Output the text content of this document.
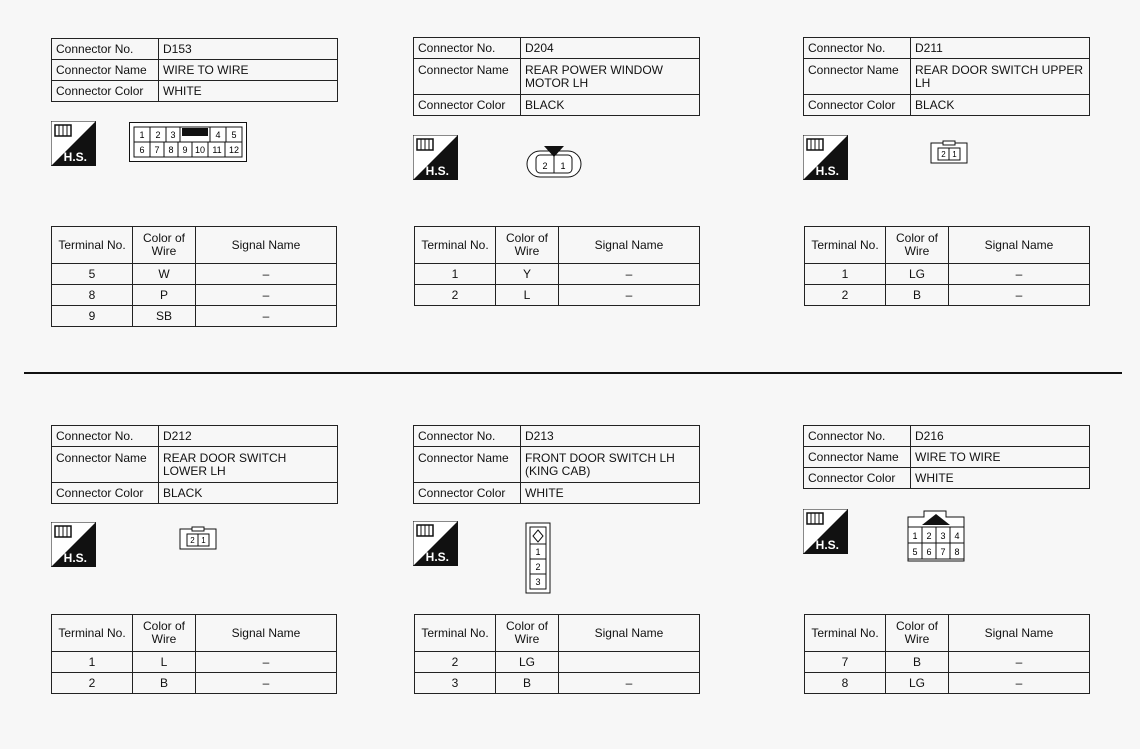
Connector No.	D153
Connector Name	WIRE TO WIRE
Connector Color	WHITE
H.S.
1 2 3	4 5
6 7 8 9 10 11 12
Terminal No.	Color of Wire	Signal Name
5	W	–
8	P	–
9	SB	–
Connector No.	D204
Connector Name	REAR POWER WINDOW MOTOR LH
Connector Color	BLACK
H.S.	2 1
Terminal No.	Color of Wire	Signal Name
1	Y	–
2	L	–
Connector No.	D211
Connector Name	REAR DOOR SWITCH UPPER LH
Connector Color	BLACK
H.S.
2 1
Terminal No.	Color of Wire	Signal Name
1	LG	–
2	B	–
Connector No.	D212
Connector Name	REAR DOOR SWITCH LOWER LH
Connector Color	BLACK
H.S.
2 1
Terminal No.	Color of Wire	Signal Name
1	L	–
2	B	–
Connector No.	D213
Connector Name	FRONT DOOR SWITCH LH (KING CAB)
Connector Color	WHITE
H.S.	1
2
3
Terminal No.	Color of Wire	Signal Name
2	LG	
3	B	–
Connector No.	D216
Connector Name	WIRE TO WIRE
Connector Color	WHITE
H.S.
1 2 3 4
5 6 7 8
Terminal No.	Color of Wire	Signal Name
7	B	–
8	LG	–
